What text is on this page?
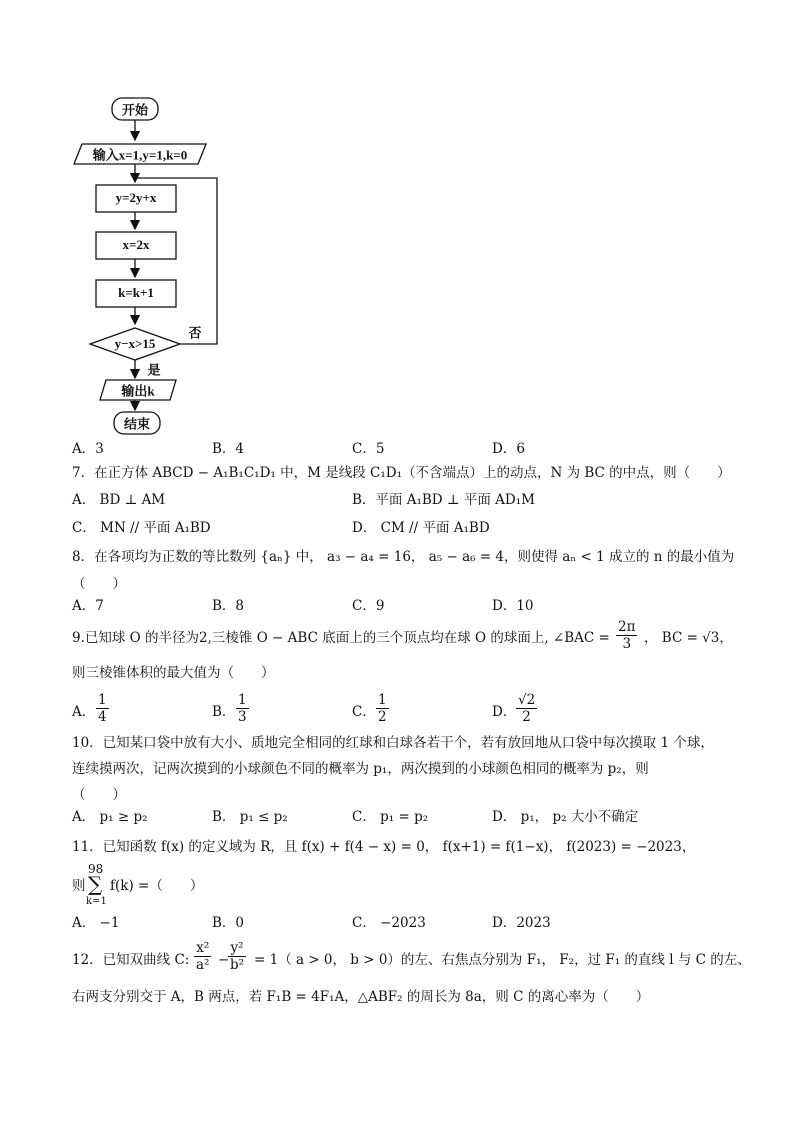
开始
输入x=1,y=1,k=0
y=2y+x
x=2x
k=k+1
y−x>15
否
是
输出k
结束
A．3	B．4	C．5	D．6
7．在正方体 ABCD − A₁B₁C₁D₁ 中，M 是线段 C₁D₁（不含端点）上的动点，N 为 BC 的中点，则（　　）
A． BD ⊥ AM	B．平面 A₁BD ⊥ 平面 AD₁M
C． MN // 平面 A₁BD	D． CM // 平面 A₁BD
8．在各项均为正数的等比数列 {aₙ} 中， a₃ − a₄ = 16， a₅ − a₆ = 4，则使得 aₙ < 1 成立的 n 的最小值为
（　　）
A．7	B．8	C．9	D．10
9.已知球 O 的半径为2,三棱锥 O − ABC 底面上的三个顶点均在球 O 的球面上, ∠BAC = $\frac{2\pi}{3}$ ， BC = √3，
则三棱锥体积的最大值为（　　）
A． $\frac{1}{4}$	B． $\frac{1}{3}$	C． $\frac{1}{2}$	D． $\frac{√2}{2}$
10．已知某口袋中放有大小、质地完全相同的红球和白球各若干个，若有放回地从口袋中每次摸取 1 个球，
连续摸两次，记两次摸到的小球颜色不同的概率为 p₁，两次摸到的小球颜色相同的概率为 p₂，则
（　　）
A． p₁ ≥ p₂	B． p₁ ≤ p₂	C． p₁ = p₂	D． p₁， p₂ 大小不确定
11．已知函数 f(x) 的定义域为 R，且 f(x) + f(4 − x) = 0， f(x+1) = f(1−x)， f(2023) = −2023，
则
98
∑
k=1
f(k) =（　　）
A． −1	B．0	C． −2023	D．2023
12．已知双曲线 C: $\frac{\text{x²}}{\text{a²}}$ −
$\frac{\text{y²}}{\text{b²}} = 1$（ a > 0， b > 0）的左、右焦点分别为 F₁， F₂，过 F₁ 的直线 l 与 C 的左、
右两支分别交于 A，B 两点，若 F₁B = 4F₁A，△ABF₂ 的周长为 8a，则 C 的离心率为（　　）
